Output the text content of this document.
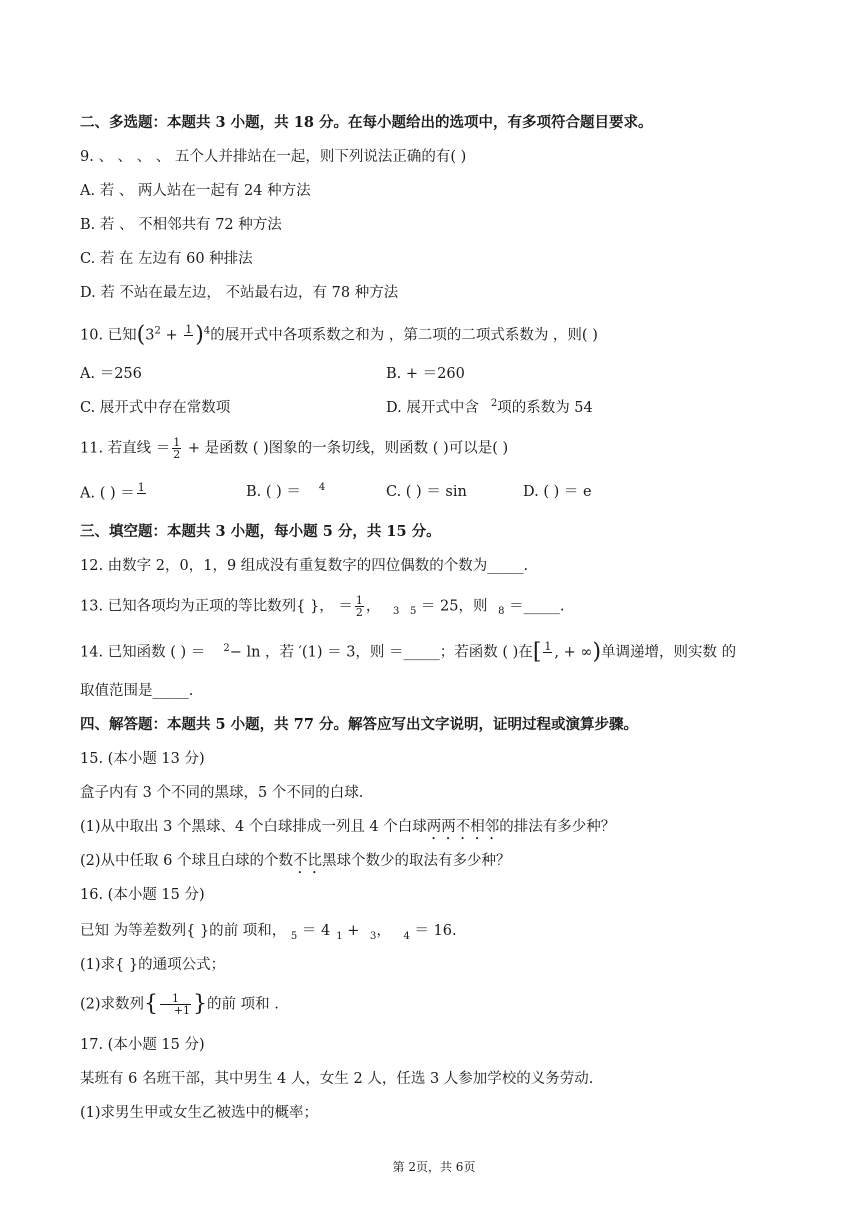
二、多选题：本题共 3 小题，共 18 分。在每小题给出的选项中，有多项符合题目要求。
9. 、 、 、 、 五个人并排站在一起，则下列说法正确的有( )
A. 若 、 两人站在一起有 24 种方法
B. 若 、 不相邻共有 72 种方法
C. 若 在 左边有 60 种排法
D. 若 不站在最左边， 不站最右边，有 78 种方法
10. 已知($3^2 + 1$
)$^4$的展开式中各项系数之和为 ，第二项的二项式系数为 ，则( )
A. ＝256	B. + ＝260
C. 展开式中存在常数项	D. 展开式中含 $^2$项的系数为 54
11. 若直线 ＝ $\frac{1}{2}$ + 是函数 ( )图象的一条切线，则函数 ( )可以是( )
A. ( ) ＝ 1
	B. ( ) ＝ $^4$	C. ( ) ＝ sin	D. ( ) ＝ e
三、填空题：本题共 3 小题，每小题 5 分，共 15 分。
12. 由数字 2，0，1，9 组成没有重复数字的四位偶数的个数为_____.
13. 已知各项均为正项的等比数列{ }， ＝ $\frac{1}{2}$ ， $_3$ $_5$ ＝ 25，则 $_8$ ＝_____.
14. 已知函数 ( ) ＝ $^2$− ln ，若 ′(1) ＝ 3，则 ＝_____；若函数 ( )在[ 1
, + ∞)单调递增，则实数 的
取值范围是_____.
四、解答题：本题共 5 小题，共 77 分。解答应写出文字说明，证明过程或演算步骤。
15. (本小题 13 分)
盒子内有 3 个不同的黑球，5 个不同的白球.
(1)从中取出 3 个黑球、4 个白球排成一列且 4 个白球两两不相邻的排法有多少种？
(2)从中任取 6 个球且白球的个数不比黑球个数少的取法有多少种？
16. (本小题 15 分)
已知 为等差数列{ }的前 项和， $_5$ ＝ 4 $_1$ + $_3$， $_4$ ＝ 16.
(1)求{ }的通项公式；
(2)求数列{ $\frac{1}{+1}$ }的前 项和 .
17. (本小题 15 分)
某班有 6 名班干部，其中男生 4 人，女生 2 人，任选 3 人参加学校的义务劳动.
(1)求男生甲或女生乙被选中的概率；
第 2页，共 6页
